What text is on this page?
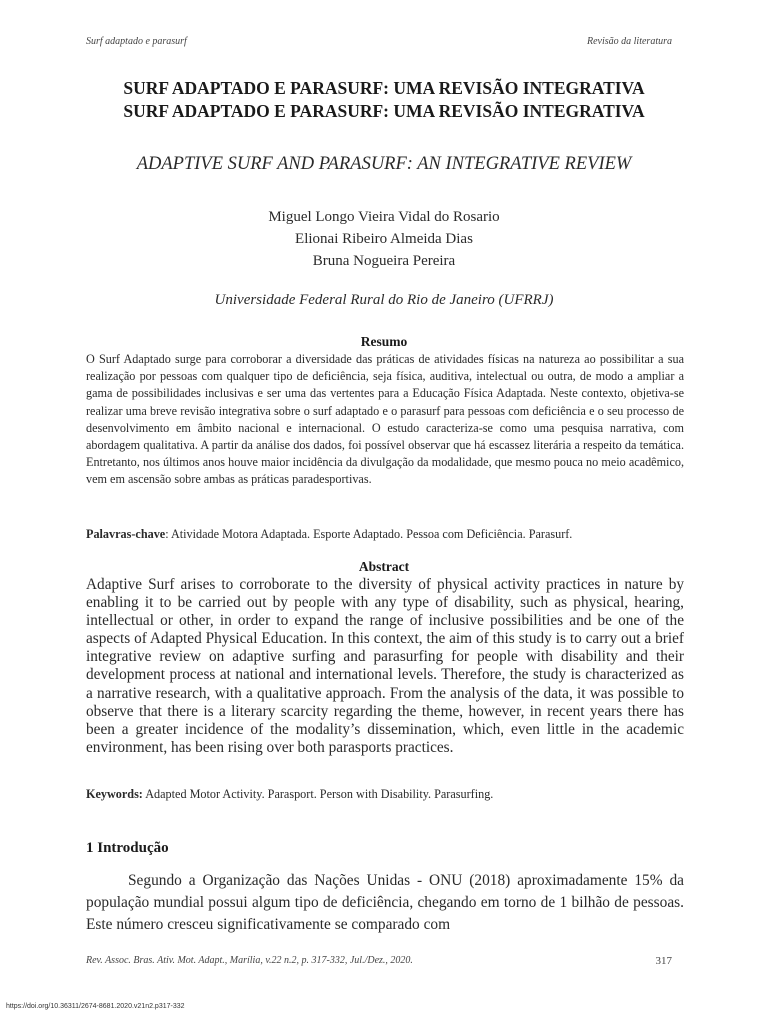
Surf adaptado e parasurf	Revisão da literatura
SURF ADAPTADO E PARASURF: UMA REVISÃO INTEGRATIVA
SURF ADAPTADO E PARASURF: UMA REVISÃO INTEGRATIVA
ADAPTIVE SURF AND PARASURF: AN INTEGRATIVE REVIEW
Miguel Longo Vieira Vidal do Rosario
Elionai Ribeiro Almeida Dias
Bruna Nogueira Pereira
Universidade Federal Rural do Rio de Janeiro (UFRRJ)
Resumo
O Surf Adaptado surge para corroborar a diversidade das práticas de atividades físicas na natureza ao possibilitar a sua realização por pessoas com qualquer tipo de deficiência, seja física, auditiva, intelectual ou outra, de modo a ampliar a gama de possibilidades inclusivas e ser uma das vertentes para a Educação Física Adaptada. Neste contexto, objetiva-se realizar uma breve revisão integrativa sobre o surf adaptado e o parasurf para pessoas com deficiência e o seu processo de desenvolvimento em âmbito nacional e internacional. O estudo caracteriza-se como uma pesquisa narrativa, com abordagem qualitativa. A partir da análise dos dados, foi possível observar que há escassez literária a respeito da temática. Entretanto, nos últimos anos houve maior incidência da divulgação da modalidade, que mesmo pouca no meio acadêmico, vem em ascensão sobre ambas as práticas paradesportivas.
Palavras-chave: Atividade Motora Adaptada. Esporte Adaptado. Pessoa com Deficiência. Parasurf.
Abstract
Adaptive Surf arises to corroborate to the diversity of physical activity practices in nature by enabling it to be carried out by people with any type of disability, such as physical, hearing, intellectual or other, in order to expand the range of inclusive possibilities and be one of the aspects of Adapted Physical Education. In this context, the aim of this study is to carry out a brief integrative review on adaptive surfing and parasurfing for people with disability and their development process at national and international levels. Therefore, the study is characterized as a narrative research, with a qualitative approach. From the analysis of the data, it was possible to observe that there is a literary scarcity regarding the theme, however, in recent years there has been a greater incidence of the modality’s dissemination, which, even little in the academic environment, has been rising over both parasports practices.
Keywords: Adapted Motor Activity. Parasport. Person with Disability. Parasurfing.
1 Introdução
Segundo a Organização das Nações Unidas - ONU (2018) aproximadamente 15% da população mundial possui algum tipo de deficiência, chegando em torno de 1 bilhão de pessoas. Este número cresceu significativamente se comparado com
Rev. Assoc. Bras. Ativ. Mot. Adapt., Marília, v.22 n.2, p. 317-332, Jul./Dez., 2020.	317
https://doi.org/10.36311/2674-8681.2020.v21n2.p317-332
